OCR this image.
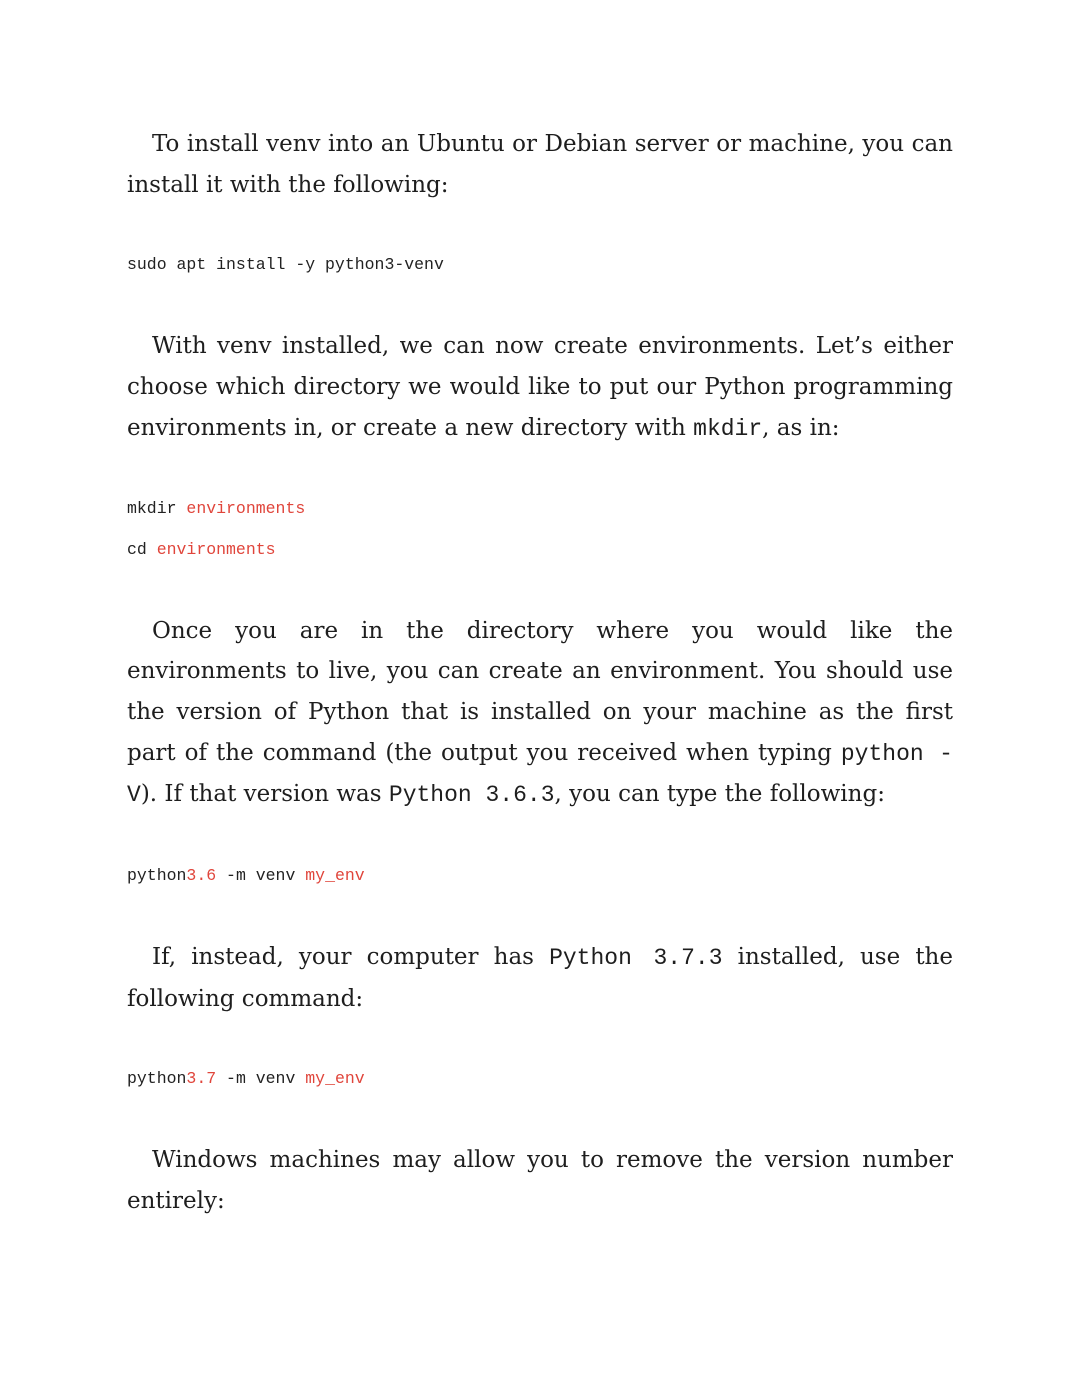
To install venv into an Ubuntu or Debian server or machine, you can install it with the following:

sudo apt install -y python3-venv

With venv installed, we can now create environments. Let’s either choose which directory we would like to put our Python programming environments in, or create a new directory with mkdir, as in:

mkdir environments
cd environments

Once you are in the directory where you would like the environments to live, you can create an environment. You should use the version of Python that is installed on your machine as the first part of the command (the output you received when typing python -V). If that version was Python 3.6.3, you can type the following:

python3.6 -m venv my_env

If, instead, your computer has Python 3.7.3 installed, use the following command:

python3.7 -m venv my_env

Windows machines may allow you to remove the version number entirely:
